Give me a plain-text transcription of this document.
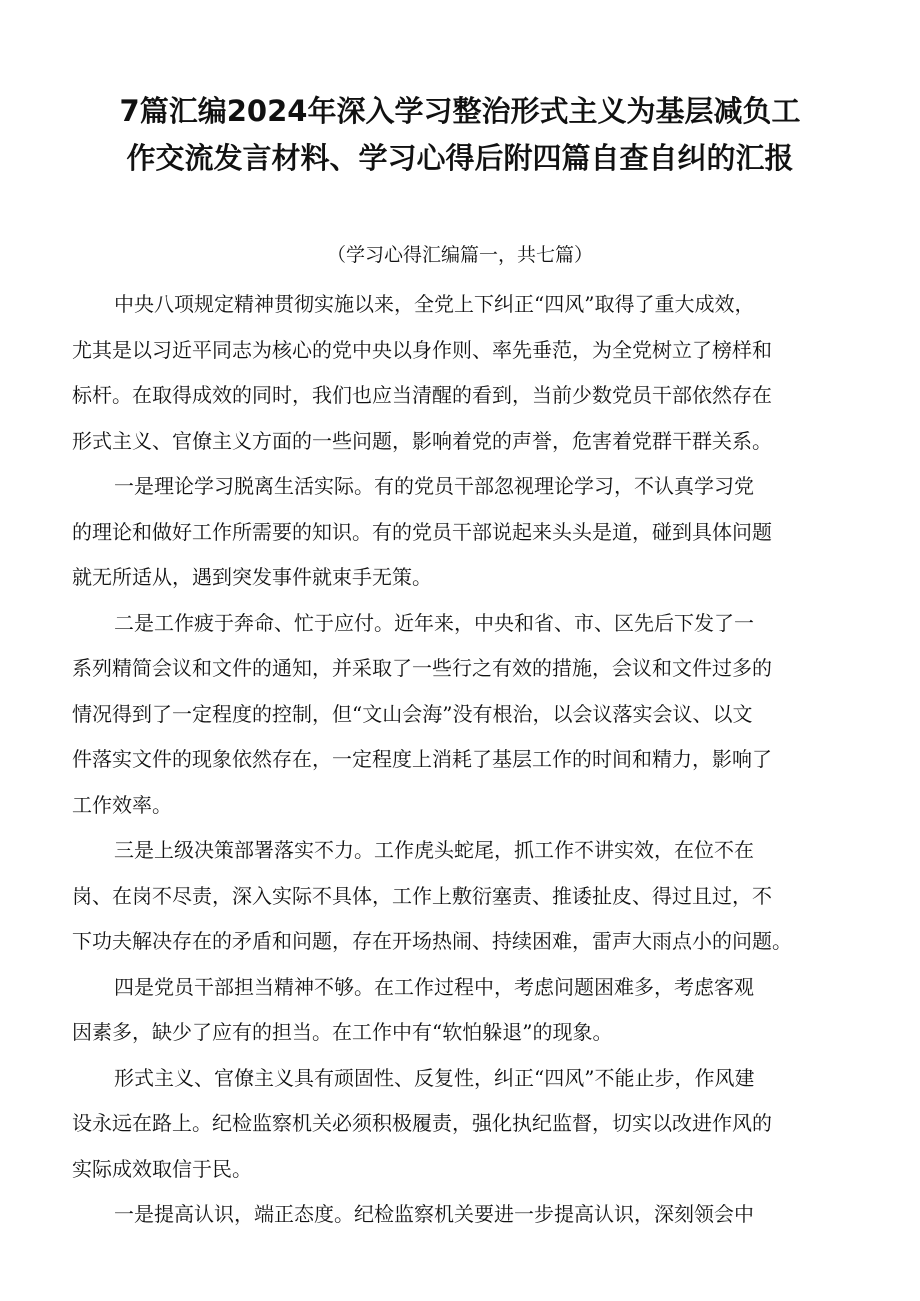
7篇汇编2024年深入学习整治形式主义为基层减负工
作交流发言材料、学习心得后附四篇自查自纠的汇报
（学习心得汇编篇一，共七篇）

中央八项规定精神贯彻实施以来，全党上下纠正“四风”取得了重大成效，
尤其是以习近平同志为核心的党中央以身作则、率先垂范，为全党树立了榜样和
标杆。在取得成效的同时，我们也应当清醒的看到，当前少数党员干部依然存在
形式主义、官僚主义方面的一些问题，影响着党的声誉，危害着党群干群关系。

一是理论学习脱离生活实际。有的党员干部忽视理论学习，不认真学习党
的理论和做好工作所需要的知识。有的党员干部说起来头头是道，碰到具体问题
就无所适从，遇到突发事件就束手无策。

二是工作疲于奔命、忙于应付。近年来，中央和省、市、区先后下发了一
系列精简会议和文件的通知，并采取了一些行之有效的措施，会议和文件过多的
情况得到了一定程度的控制，但“文山会海”没有根治，以会议落实会议、以文
件落实文件的现象依然存在，一定程度上消耗了基层工作的时间和精力，影响了
工作效率。

三是上级决策部署落实不力。工作虎头蛇尾，抓工作不讲实效，在位不在
岗、在岗不尽责，深入实际不具体，工作上敷衍塞责、推诿扯皮、得过且过，不
下功夫解决存在的矛盾和问题，存在开场热闹、持续困难，雷声大雨点小的问题。

四是党员干部担当精神不够。在工作过程中，考虑问题困难多，考虑客观
因素多，缺少了应有的担当。在工作中有“软怕躲退”的现象。

形式主义、官僚主义具有顽固性、反复性，纠正“四风”不能止步，作风建
设永远在路上。纪检监察机关必须积极履责，强化执纪监督，切实以改进作风的
实际成效取信于民。

一是提高认识，端正态度。纪检监察机关要进一步提高认识，深刻领会中
